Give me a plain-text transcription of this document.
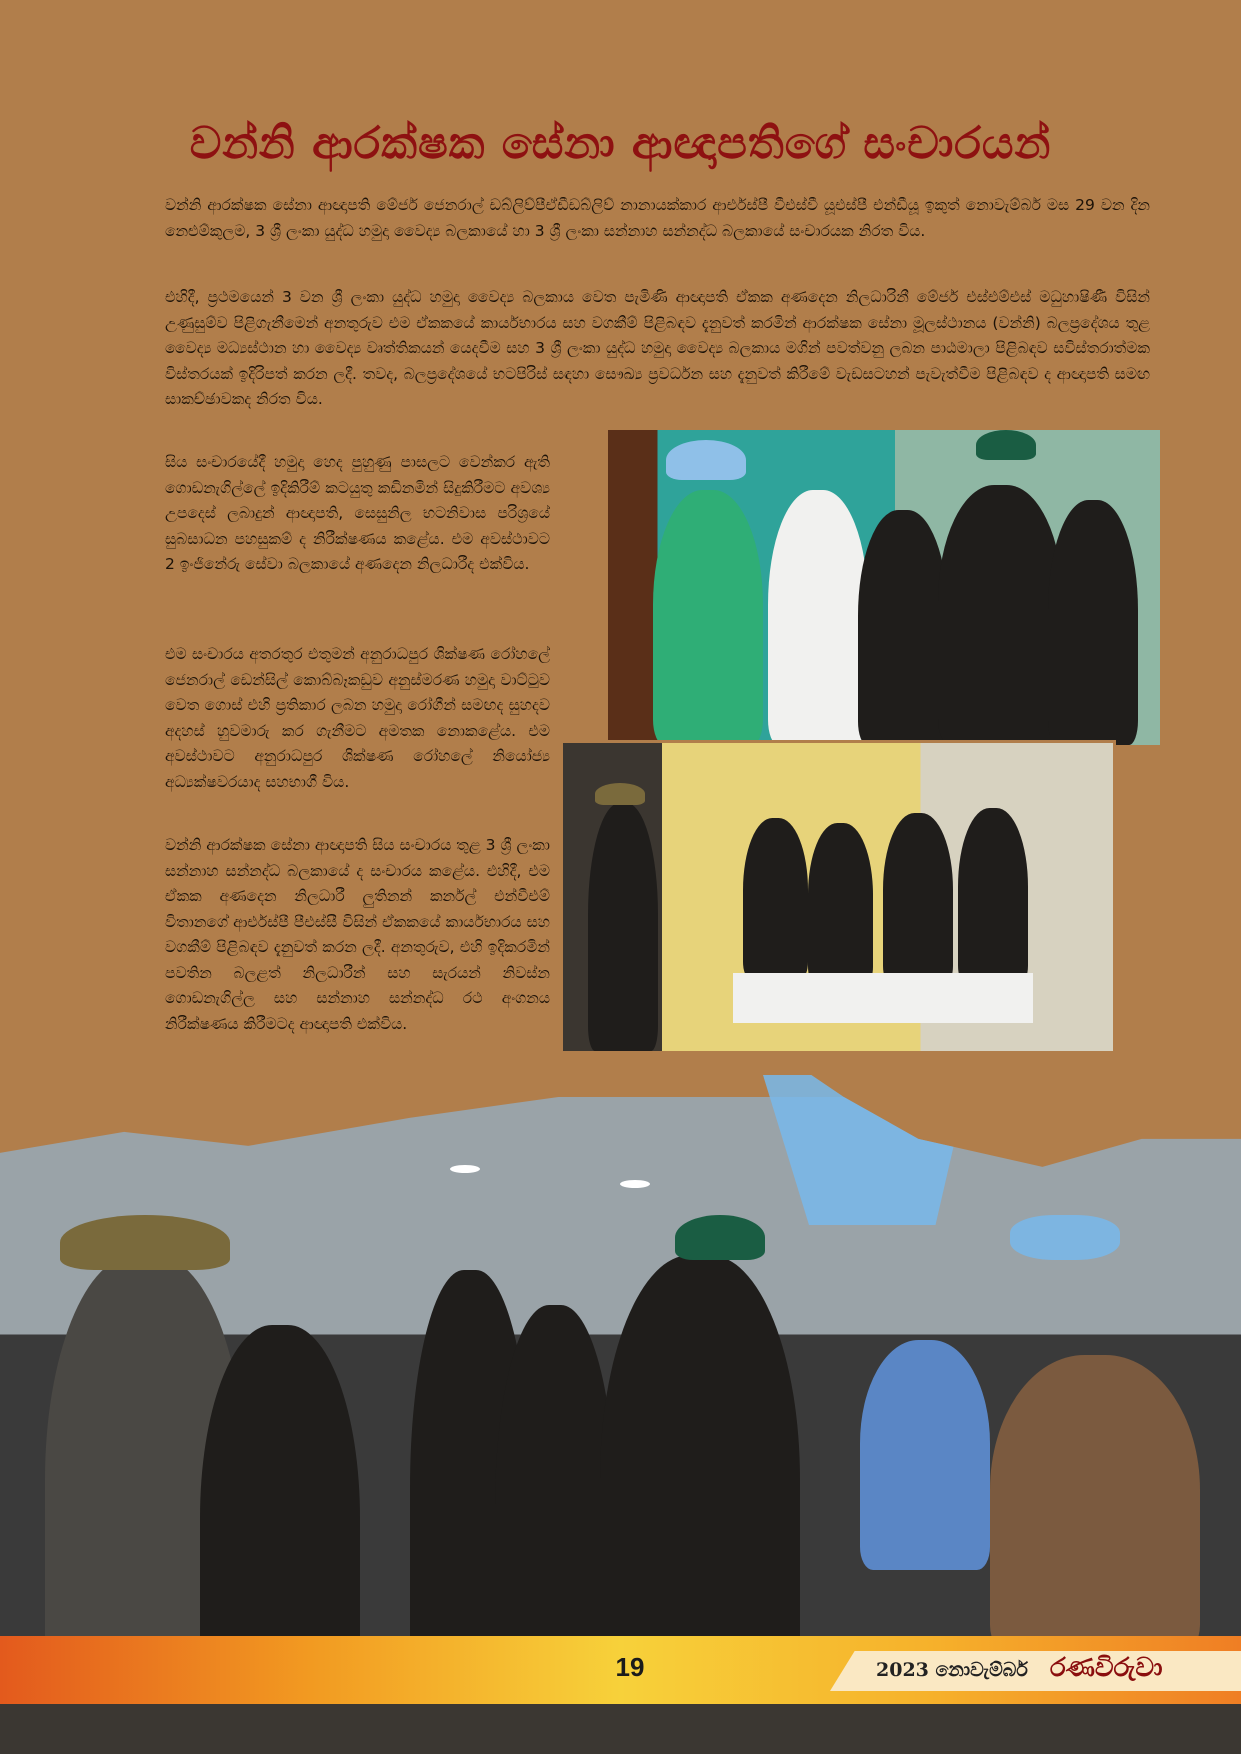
වන්නි ආරක්ෂක සේනා ආඥාපතිගේ සංචාරයන්

වන්නි ආරක්ෂක සේනා ආඥාපති මේජර් ජෙනරාල් ඩබ්ලිව්පීඒඩීඩබ්ලිව් නානායක්කාර ආර්එස්පී වීඑස්වී යූඑස්පී එන්ඩීයූ ඉකුත් නොවැම්බර් මස 29 වන දින නෙළුම්කුලම, 3 ශ්‍රී ලංකා යුද්ධ හමුදා වෛද්‍ය බලකායේ හා 3 ශ්‍රී ලංකා සන්නාහ සන්නද්ධ බලකායේ සංචාරයක නිරත විය.

එහිදී, ප්‍රථමයෙන් 3 වන ශ්‍රී ලංකා යුද්ධ හමුදා වෛද්‍ය බලකාය වෙත පැමිණි ආඥාපති ඒකක අණදෙන නිලධාරිනී මේජර් එස්එම්එස් මධුහාෂිණී විසින් උණුසුම්ව පිළිගැනීමෙන් අනතුරුව එම ඒකකයේ කාර්යභාරය සහ වගකීම් පිළිබඳව දැනුවත් කරමින් ආරක්ෂක සේනා මූලස්ථානය (වන්නි) බලප්‍රදේශය තුළ වෛද්‍ය මධ්‍යස්ථාන හා වෛද්‍ය වෘත්තිකයන් යෙදවීම සහ 3 ශ්‍රී ලංකා යුද්ධ හමුදා වෛද්‍ය බලකාය මගින් පවත්වනු ලබන පාඨමාලා පිළිබඳව සවිස්තරාත්මක විස්තරයක් ඉදිරිපත් කරන ලදී. තවද, බලප්‍රදේශයේ භටපිරිස් සඳහා සෞඛ්‍ය ප්‍රවර්ධන සහ දැනුවත් කිරීමේ වැඩසටහන් පැවැත්වීම පිළිබඳව ද ආඥාපති සමඟ සාකච්ඡාවකද නිරත විය.

සිය සංචාරයේදී හමුදා හෙද පුහුණු පාසලට වෙන්කර ඇති ගොඩනැගිල්ලේ ඉදිකිරීම් කටයුතු කඩිනමින් සිදුකිරීමට අවශ්‍ය උපදෙස් ලබාදුන් ආඥාපති, සෙසුනිල භටනිවාස පරිශ්‍රයේ සුබසාධන පහසුකම් ද නිරීක්ෂණය කළේය. එම අවස්ථාවට 2 ඉංජිනේරු සේවා බලකායේ අණදෙන නිලධාරීද එක්විය.

එම සංචාරය අතරතුර එතුමන් අනුරාධපුර ශික්ෂණ රෝහලේ ජෙනරාල් ඩෙන්සිල් කොබ්බෑකඩුව අනුස්මරණ හමුදා වාට්ටුව වෙත ගොස් එහි ප්‍රතිකාර ලබන හමුදා රෝගීන් සමඟද සුහදව අදහස් හුවමාරු කර ගැනීමට අමතක නොකළේය. එම අවස්ථාවට අනුරාධපුර ශික්ෂණ රෝහලේ නියෝජ්‍ය අධ්‍යක්ෂවරයාද සහභාගී විය.

වන්නි ආරක්ෂක සේනා ආඥාපති සිය සංචාරය තුළ 3 ශ්‍රී ලංකා සන්නාහ සන්නද්ධ බලකායේ ද සංචාරය කළේය. එහිදී, එම ඒකක අණදෙන නිලධාරී ලුතිනන් කර්නල් එන්වීඑම් විතානගේ ආර්එස්පී පීඑස්සී විසින් ඒකකයේ කාර්යභාරය සහ වගකීම් පිළිබඳව දැනුවත් කරන ලදී. අනතුරුව, එහි ඉදිකරමින් පවතින බලළත් නිලධාරීන් සහ සැරයන් නිවස්න ගොඩනැගිල්ල සහ සන්නාහ සන්නද්ධ රථ අංගනය නිරීක්ෂණය කිරීමටද ආඥාපති එක්විය.

19	2023 නොවැම්බර් රණවිරුවා
